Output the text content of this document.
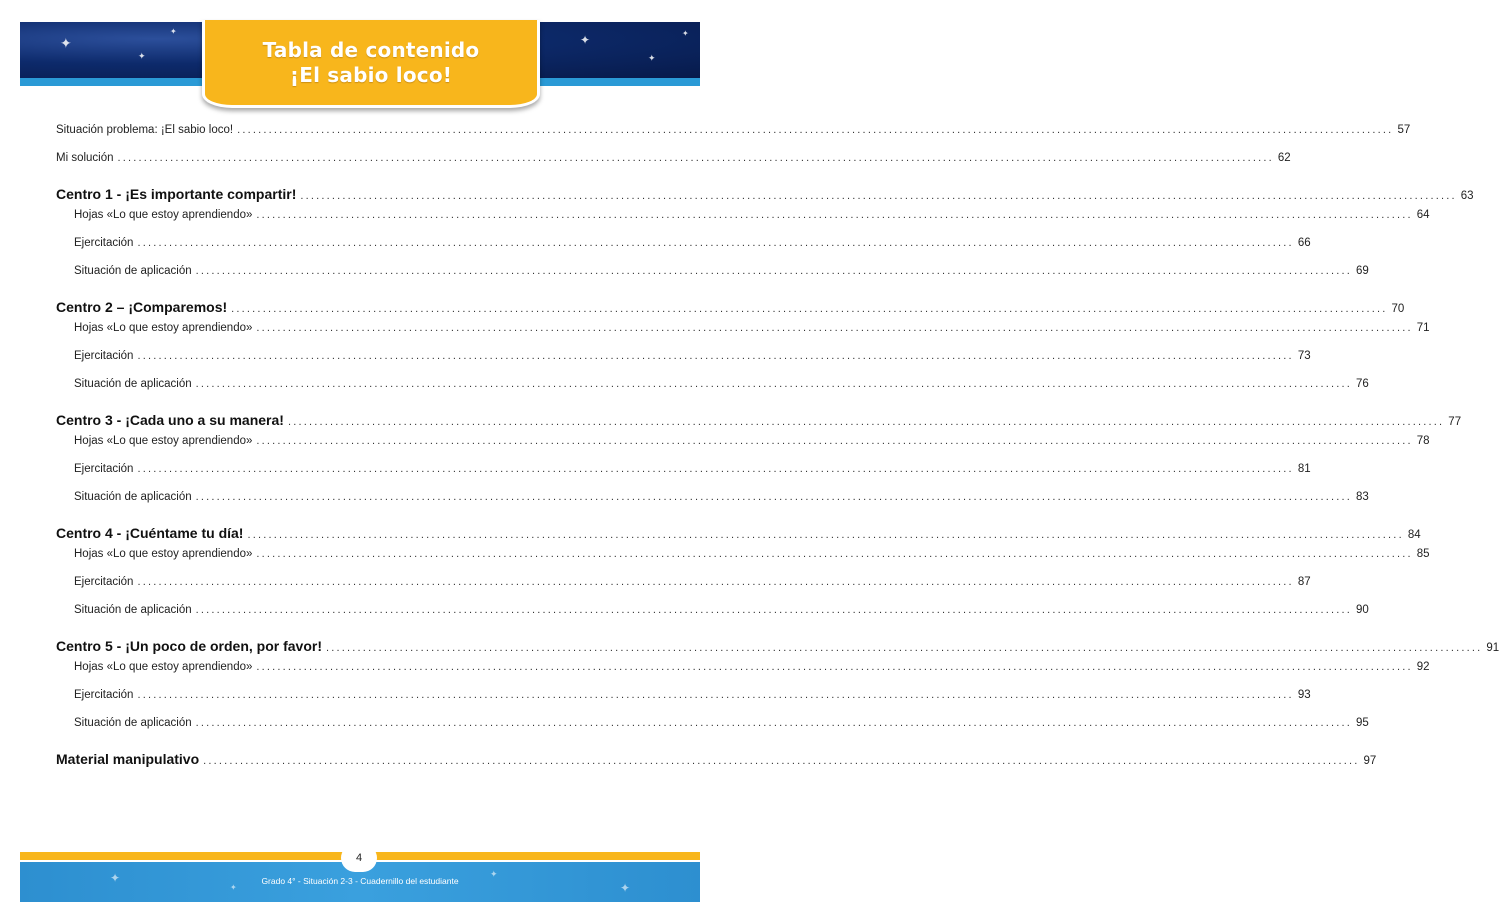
✦
✦
✦
✦
✦
✦
Tabla de contenido
¡El sabio loco!
Situación problema: ¡El sabio loco! ............................................................................................................................................................................................................................ 57
Mi solución ............................................................................................................................................................................................................................ 62
Centro 1 - ¡Es importante compartir! ............................................................................................................................................................................................................................ 63
Hojas «Lo que estoy aprendiendo» ............................................................................................................................................................................................................................ 64
Ejercitación ............................................................................................................................................................................................................................ 66
Situación de aplicación ............................................................................................................................................................................................................................ 69
Centro 2 – ¡Comparemos! ............................................................................................................................................................................................................................ 70
Hojas «Lo que estoy aprendiendo» ............................................................................................................................................................................................................................ 71
Ejercitación ............................................................................................................................................................................................................................ 73
Situación de aplicación ............................................................................................................................................................................................................................ 76
Centro 3 - ¡Cada uno a su manera! ............................................................................................................................................................................................................................ 77
Hojas «Lo que estoy aprendiendo» ............................................................................................................................................................................................................................ 78
Ejercitación ............................................................................................................................................................................................................................ 81
Situación de aplicación ............................................................................................................................................................................................................................ 83
Centro 4 - ¡Cuéntame tu día! ............................................................................................................................................................................................................................ 84
Hojas «Lo que estoy aprendiendo» ............................................................................................................................................................................................................................ 85
Ejercitación ............................................................................................................................................................................................................................ 87
Situación de aplicación ............................................................................................................................................................................................................................ 90
Centro 5 - ¡Un poco de orden, por favor! ............................................................................................................................................................................................................................ 91
Hojas «Lo que estoy aprendiendo» ............................................................................................................................................................................................................................ 92
Ejercitación ............................................................................................................................................................................................................................ 93
Situación de aplicación ............................................................................................................................................................................................................................ 95
Material manipulativo ............................................................................................................................................................................................................................ 97
✦
✦
✦
✦
Grado 4° - Situación 2-3 - Cuadernillo del estudiante
4
